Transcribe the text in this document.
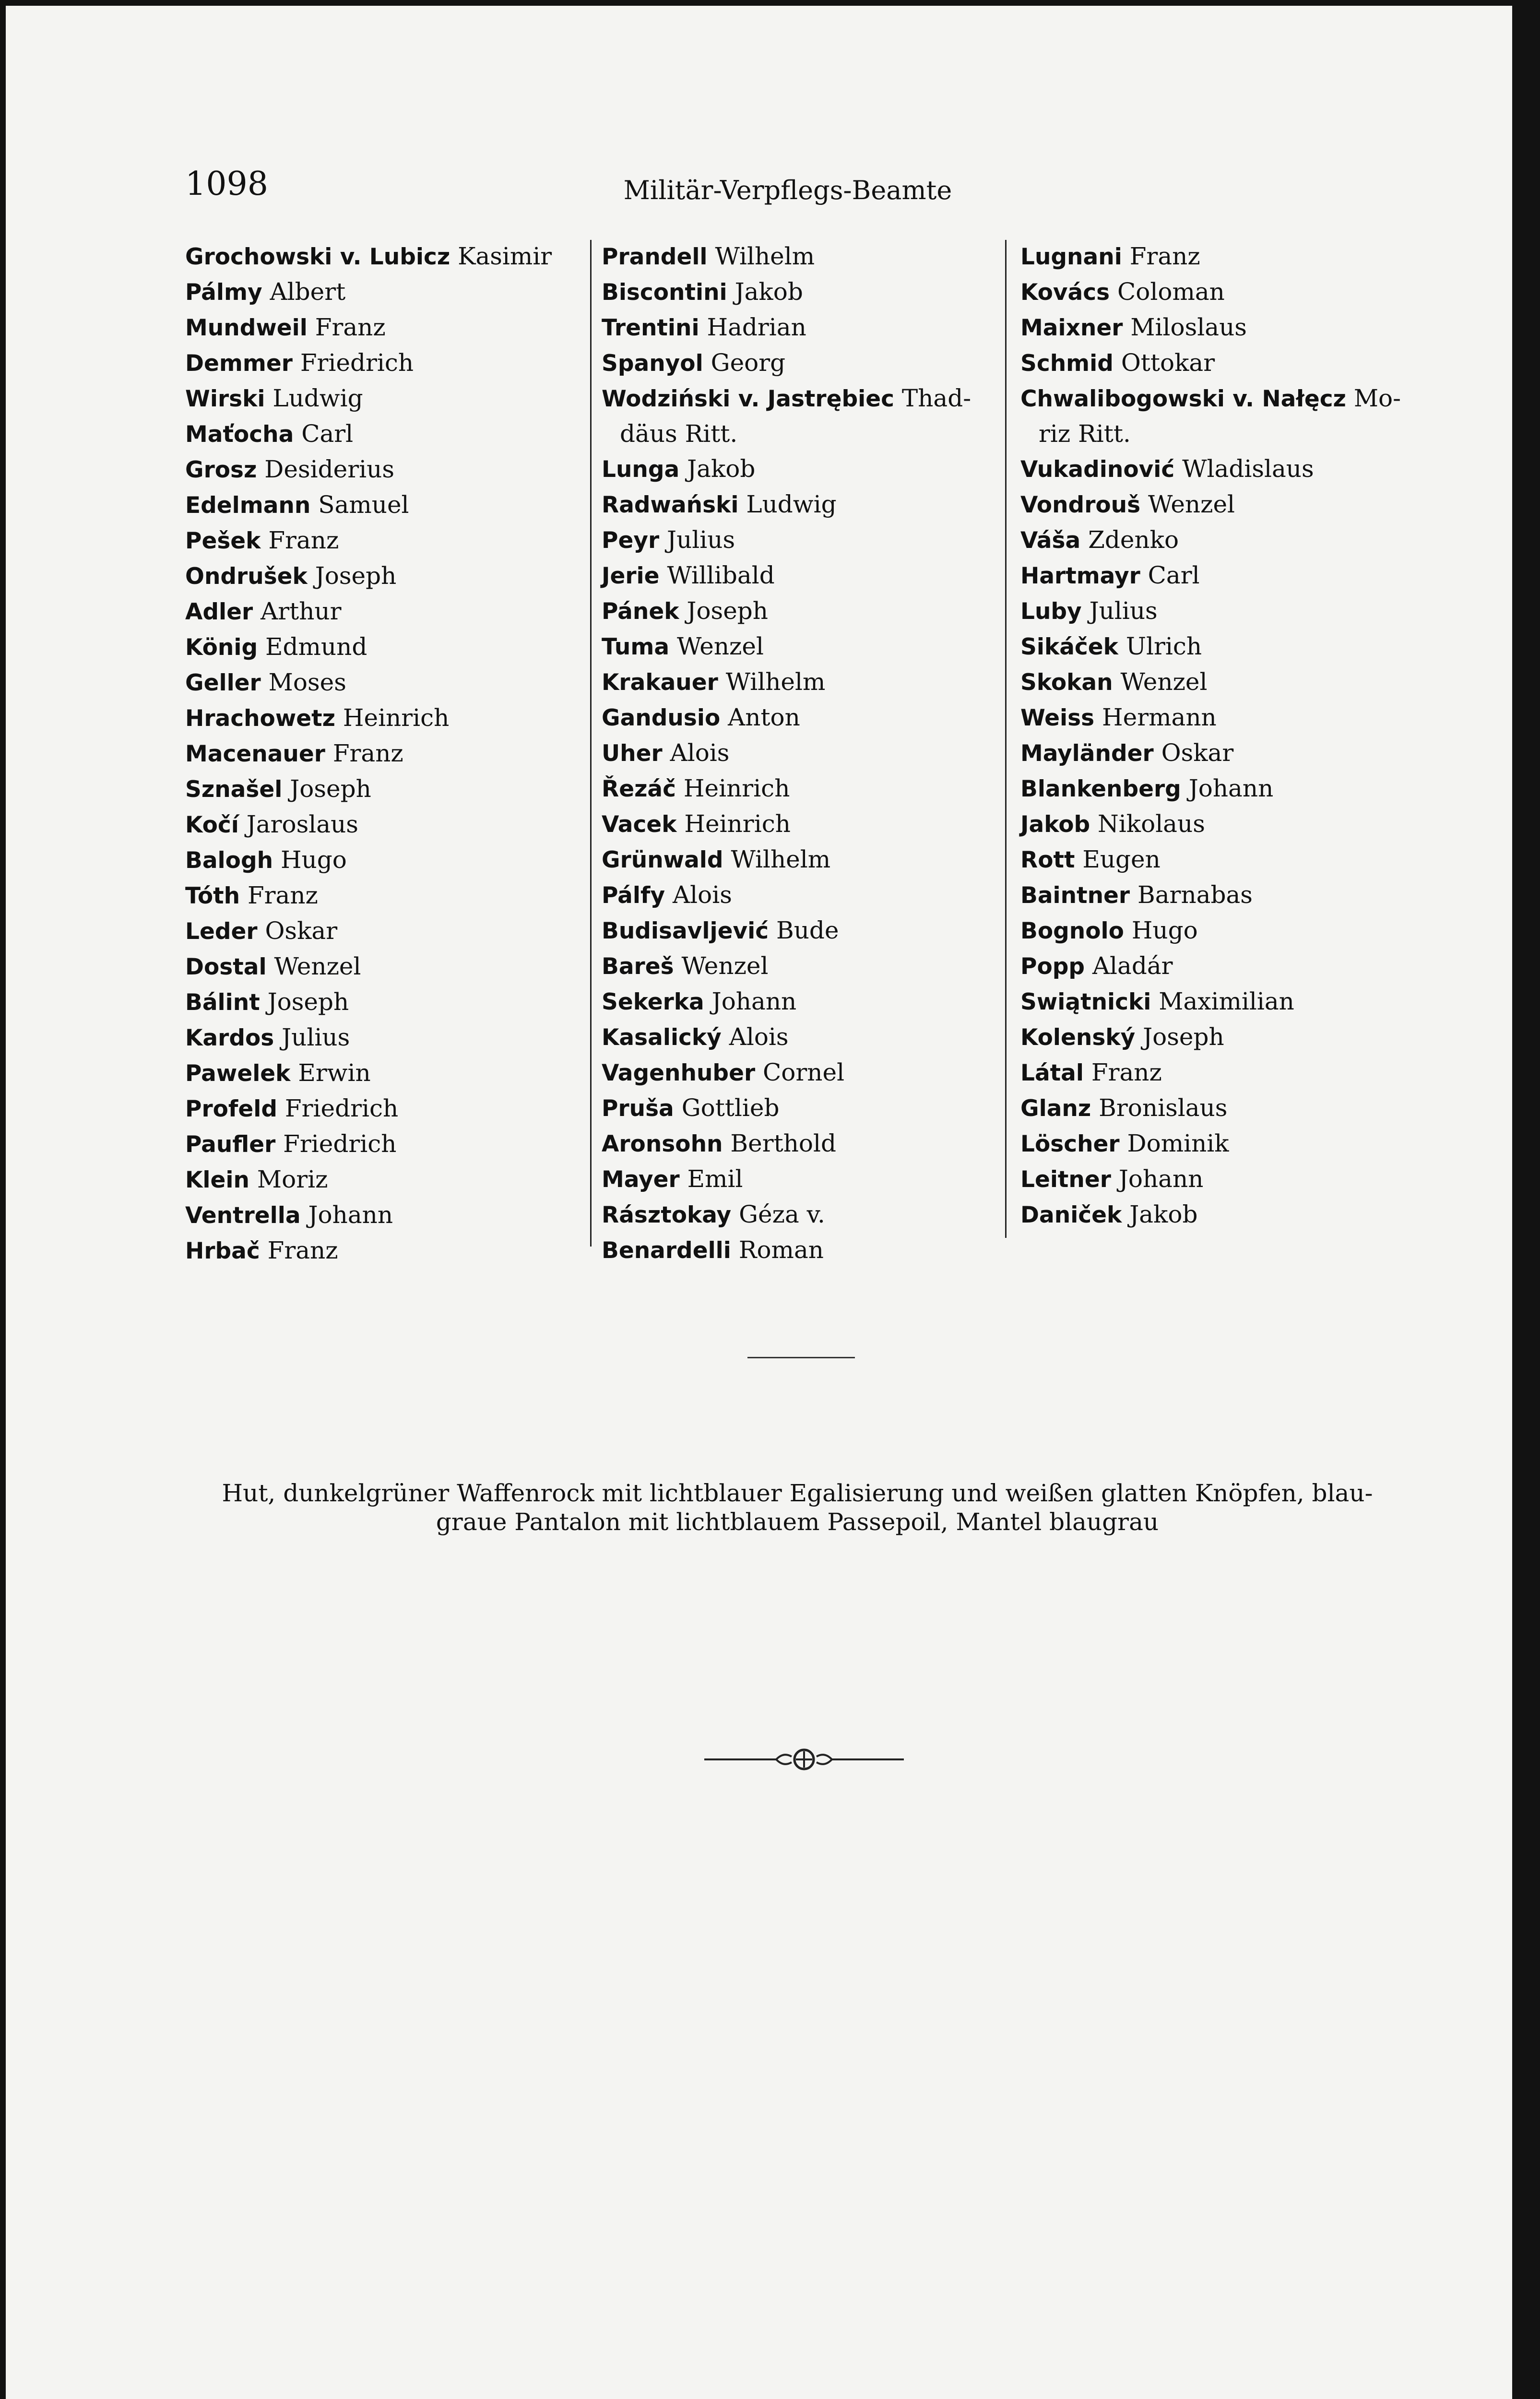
1098	Militär-Verpflegs-Beamte
Grochowski v. Lubicz Kasimir
Pálmy Albert
Mundweil Franz
Demmer Friedrich
Wirski Ludwig
Maťocha Carl
Grosz Desiderius
Edelmann Samuel
Pešek Franz
Ondrušek Joseph
Adler Arthur
König Edmund
Geller Moses
Hrachowetz Heinrich
Macenauer Franz
Sznašel Joseph
Kočí Jaroslaus
Balogh Hugo
Tóth Franz
Leder Oskar
Dostal Wenzel
Bálint Joseph
Kardos Julius
Pawelek Erwin
Profeld Friedrich
Paufler Friedrich
Klein Moriz
Ventrella Johann
Hrbač Franz
Prandell Wilhelm
Biscontini Jakob
Trentini Hadrian
Spanyol Georg
Wodziński v. Jastrębiec Thad-
däus Ritt.
Lunga Jakob
Radwański Ludwig
Peyr Julius
Jerie Willibald
Pánek Joseph
Tuma Wenzel
Krakauer Wilhelm
Gandusio Anton
Uher Alois
Řezáč Heinrich
Vacek Heinrich
Grünwald Wilhelm
Pálfy Alois
Budisavljević Bude
Bareš Wenzel
Sekerka Johann
Kasalický Alois
Vagenhuber Cornel
Pruša Gottlieb
Aronsohn Berthold
Mayer Emil
Rásztokay Géza v.
Benardelli Roman
Lugnani Franz
Kovács Coloman
Maixner Miloslaus
Schmid Ottokar
Chwalibogowski v. Nałęcz Mo-
riz Ritt.
Vukadinović Wladislaus
Vondrouš Wenzel
Váša Zdenko
Hartmayr Carl
Luby Julius
Sikáček Ulrich
Skokan Wenzel
Weiss Hermann
Mayländer Oskar
Blankenberg Johann
Jakob Nikolaus
Rott Eugen
Baintner Barnabas
Bognolo Hugo
Popp Aladár
Swiątnicki Maximilian
Kolenský Joseph
Látal Franz
Glanz Bronislaus
Löscher Dominik
Leitner Johann
Daniček Jakob
Hut, dunkelgrüner Waffenrock mit lichtblauer Egalisierung und weißen glatten Knöpfen, blau-
graue Pantalon mit lichtblauem Passepoil, Mantel blaugrau
